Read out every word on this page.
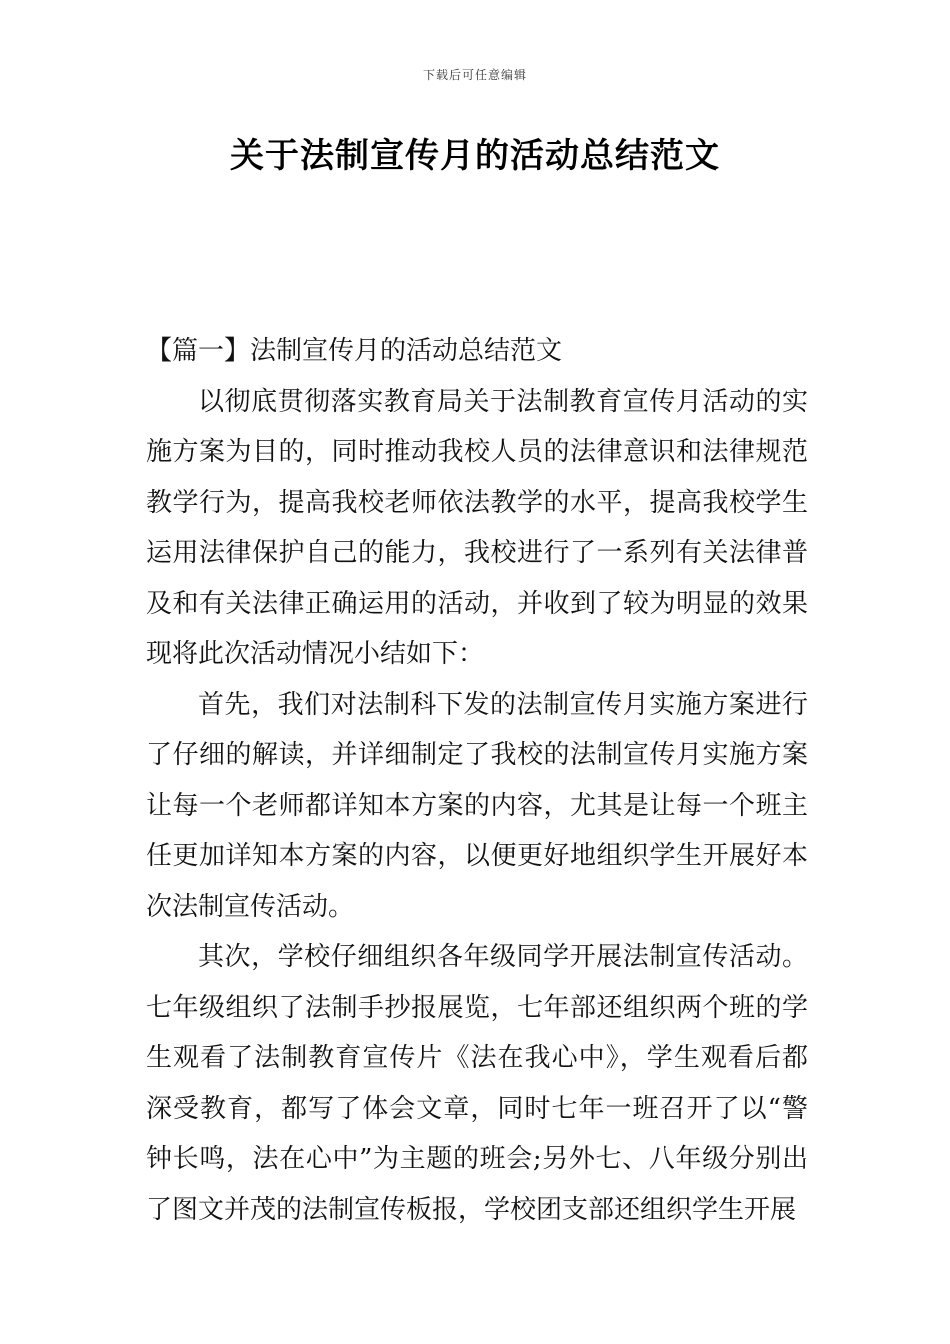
下载后可任意编辑
关于法制宣传月的活动总结范文

【篇一】法制宣传月的活动总结范文

以彻底贯彻落实教育局关于法制教育宣传月活动的实施方案为目的，同时推动我校人员的法律意识和法律规范教学行为，提高我校老师依法教学的水平，提高我校学生运用法律保护自己的能力，我校进行了一系列有关法律普及和有关法律正确运用的活动，并收到了较为明显的效果现将此次活动情况小结如下：

首先，我们对法制科下发的法制宣传月实施方案进行了仔细的解读，并详细制定了我校的法制宣传月实施方案让每一个老师都详知本方案的内容，尤其是让每一个班主任更加详知本方案的内容，以便更好地组织学生开展好本次法制宣传活动。

其次，学校仔细组织各年级同学开展法制宣传活动。七年级组织了法制手抄报展览，七年部还组织两个班的学生观看了法制教育宣传片《法在我心中》，学生观看后都深受教育，都写了体会文章，同时七年一班召开了以“警钟长鸣，法在心中”为主题的班会;另外七、八年级分别出了图文并茂的法制宣传板报，学校团支部还组织学生开展
